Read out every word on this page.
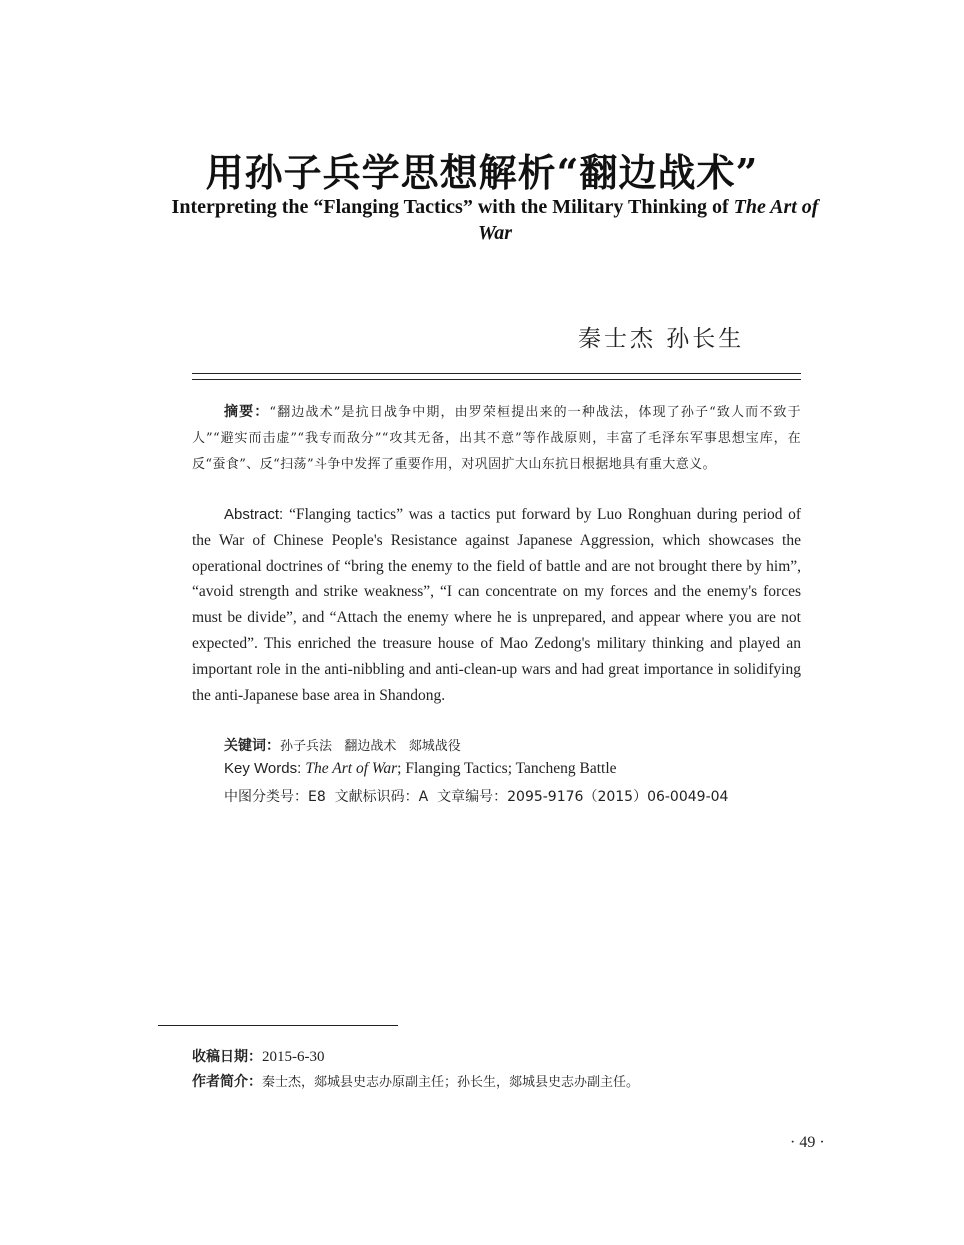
用孙子兵学思想解析“翻边战术”
Interpreting the “Flanging Tactics” with the Military Thinking of The Art of War
秦士杰 孙长生
摘要：“翻边战术”是抗日战争中期，由罗荣桓提出来的一种战法，体现了孙子“致人而不致于人”“避实而击虚”“我专而敌分”“攻其无备，出其不意”等作战原则，丰富了毛泽东军事思想宝库，在反“蚕食”、反“扫荡”斗争中发挥了重要作用，对巩固扩大山东抗日根据地具有重大意义。
Abstract: “Flanging tactics” was a tactics put forward by Luo Ronghuan during period of the War of Chinese People's Resistance against Japanese Aggression, which showcases the operational doctrines of “bring the enemy to the field of battle and are not brought there by him”, “avoid strength and strike weakness”, “I can concentrate on my forces and the enemy's forces must be divide”, and “Attach the enemy where he is unprepared, and appear where you are not expected”. This enriched the treasure house of Mao Zedong's military thinking and played an important role in the anti-nibbling and anti-clean-up wars and had great importance in solidifying the anti-Japanese base area in Shandong.
关键词：孙子兵法   翻边战术   郯城战役
Key Words: The Art of War; Flanging Tactics; Tancheng Battle
中图分类号：E8  文献标识码：A  文章编号：2095-9176（2015）06-0049-04
收稿日期：2015-6-30
作者简介：秦士杰，郯城县史志办原副主任；孙长生，郯城县史志办副主任。
· 49 ·
